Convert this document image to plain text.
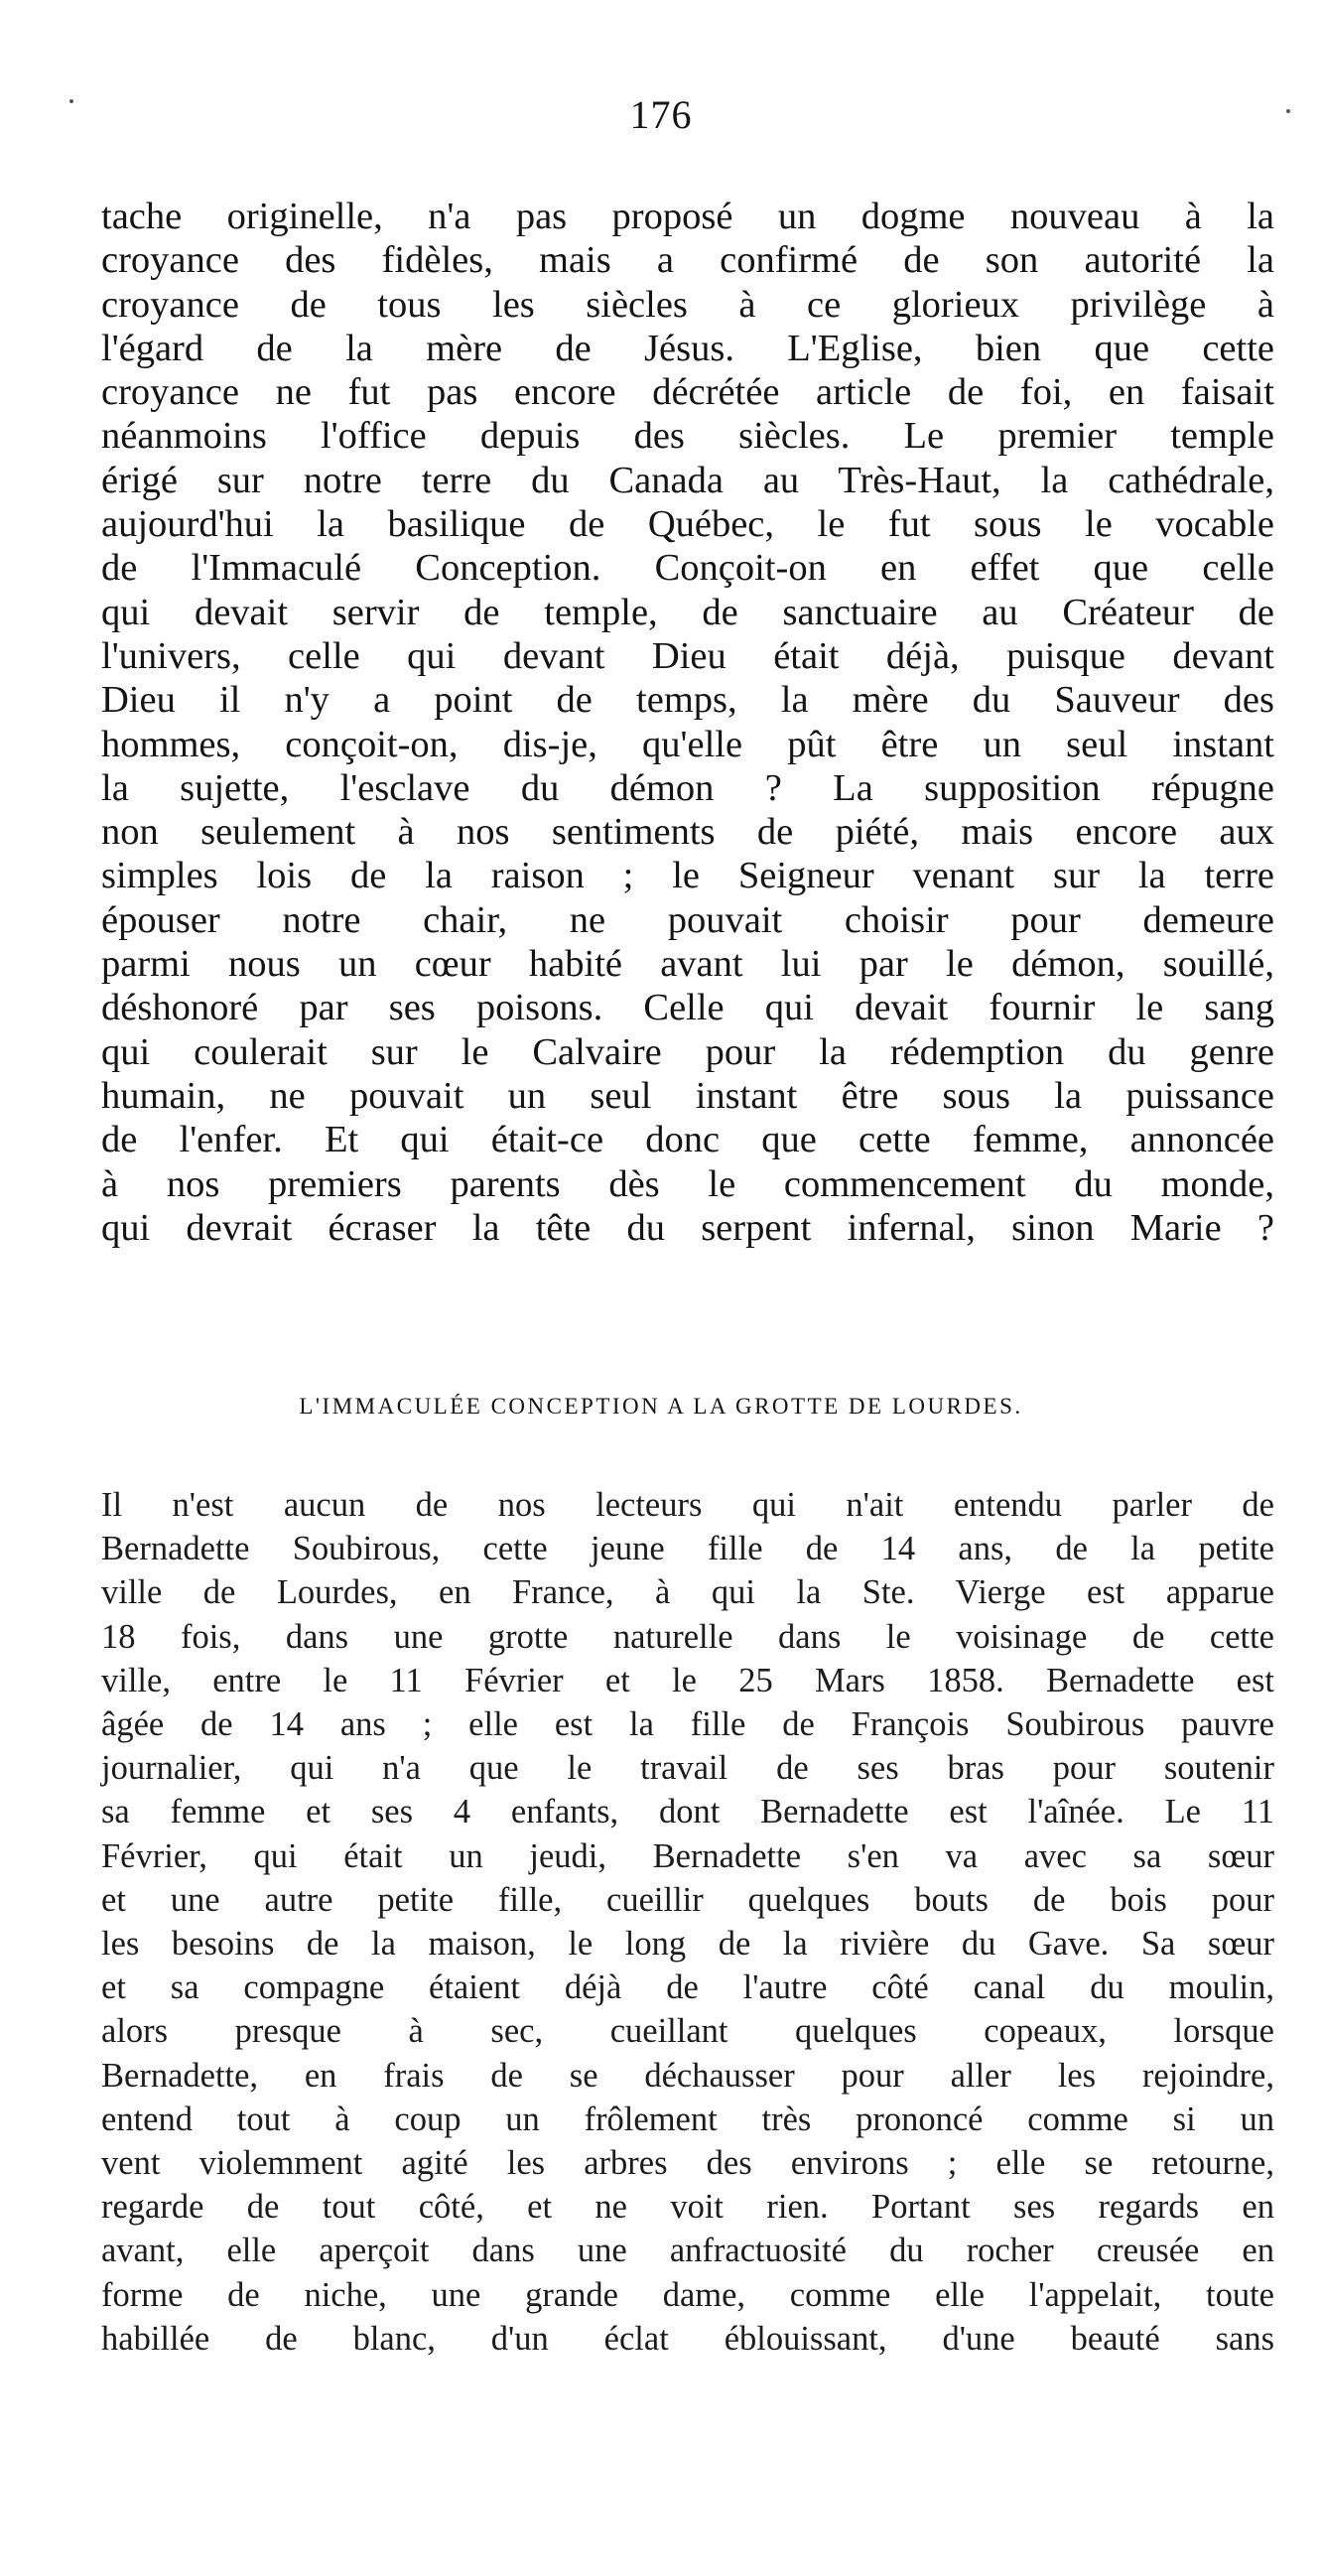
176
tache originelle, n'a pas proposé un dogme nouveau à la
croyance des fidèles, mais a confirmé de son autorité la
croyance de tous les siècles à ce glorieux privilège à
l'égard de la mère de Jésus. L'Eglise, bien que cette
croyance ne fut pas encore décrétée article de foi, en faisait
néanmoins l'office depuis des siècles. Le premier temple
érigé sur notre terre du Canada au Très-Haut, la cathédrale,
aujourd'hui la basilique de Québec, le fut sous le vocable
de l'Immaculé Conception. Conçoit-on en effet que celle
qui devait servir de temple, de sanctuaire au Créateur de
l'univers, celle qui devant Dieu était déjà, puisque devant
Dieu il n'y a point de temps, la mère du Sauveur des
hommes, conçoit-on, dis-je, qu'elle pût être un seul instant
la sujette, l'esclave du démon ? La supposition répugne
non seulement à nos sentiments de piété, mais encore aux
simples lois de la raison ; le Seigneur venant sur la terre
épouser notre chair, ne pouvait choisir pour demeure
parmi nous un cœur habité avant lui par le démon, souillé,
déshonoré par ses poisons. Celle qui devait fournir le sang
qui coulerait sur le Calvaire pour la rédemption du genre
humain, ne pouvait un seul instant être sous la puissance
de l'enfer. Et qui était-ce donc que cette femme, annoncée
à nos premiers parents dès le commencement du monde,
qui devrait écraser la tête du serpent infernal, sinon Marie ?
L'IMMACULÉE CONCEPTION A LA GROTTE DE LOURDES.
Il n'est aucun de nos lecteurs qui n'ait entendu parler de
Bernadette Soubirous, cette jeune fille de 14 ans, de la petite
ville de Lourdes, en France, à qui la Ste. Vierge est apparue
18 fois, dans une grotte naturelle dans le voisinage de cette
ville, entre le 11 Février et le 25 Mars 1858. Bernadette est
âgée de 14 ans ; elle est la fille de François Soubirous pauvre
journalier, qui n'a que le travail de ses bras pour soutenir
sa femme et ses 4 enfants, dont Bernadette est l'aînée. Le 11
Février, qui était un jeudi, Bernadette s'en va avec sa sœur
et une autre petite fille, cueillir quelques bouts de bois pour
les besoins de la maison, le long de la rivière du Gave. Sa sœur
et sa compagne étaient déjà de l'autre côté canal du moulin,
alors presque à sec, cueillant quelques copeaux, lorsque
Bernadette, en frais de se déchausser pour aller les rejoindre,
entend tout à coup un frôlement très prononcé comme si un
vent violemment agité les arbres des environs ; elle se retourne,
regarde de tout côté, et ne voit rien. Portant ses regards en
avant, elle aperçoit dans une anfractuosité du rocher creusée en
forme de niche, une grande dame, comme elle l'appelait, toute
habillée de blanc, d'un éclat éblouissant, d'une beauté sans
